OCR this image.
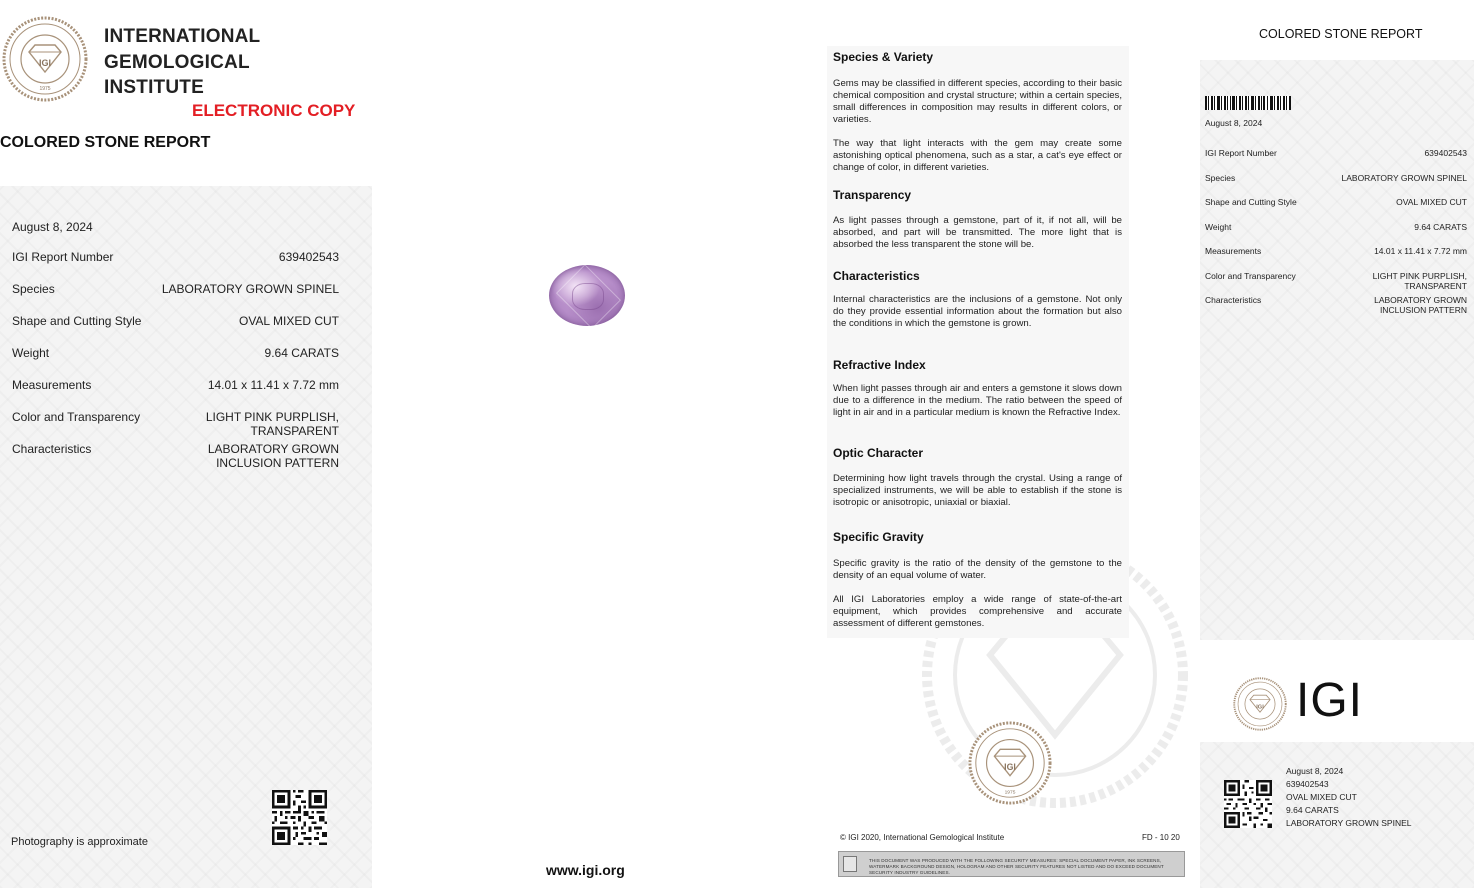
IGI
1975
INTERNATIONAL
GEMOLOGICAL
INSTITUTE
ELECTRONIC COPY
COLORED STONE REPORT
August 8, 2024
IGI Report Number	639402543
Species	LABORATORY GROWN SPINEL
Shape and Cutting Style	OVAL MIXED CUT
Weight	9.64 CARATS
Measurements	14.01 x 11.41 x 7.72 mm
Color and Transparency	LIGHT PINK PURPLISH,
TRANSPARENT
Characteristics	LABORATORY GROWN
INCLUSION PATTERN
Photography is approximate
www.igi.org
Species & Variety
Gems may be classified in different species, according to their basic chemical composition and crystal structure; within a certain species, small differences in composition may results in different colors, or varieties.
The way that light interacts with the gem may create some astonishing optical phenomena, such as a star, a cat's eye effect or change of color, in different varieties.
Transparency
As light passes through a gemstone, part of it, if not all, will be absorbed, and part will be transmitted. The more light that is absorbed the less transparent the stone will be.
Characteristics
Internal characteristics are the inclusions of a gemstone. Not only do they provide essential information about the formation but also the conditions in which the gemstone is grown.
Refractive Index
When light passes through air and enters a gemstone it slows down due to a difference in the medium. The ratio between the speed of light in air and in a particular medium is known the Refractive Index.
Optic Character
Determining how light travels through the crystal. Using a range of specialized instruments, we will be able to establish if the stone is isotropic or anisotropic, uniaxial or biaxial.
Specific Gravity
Specific gravity is the ratio of the density of the gemstone to the density of an equal volume of water.
All IGI Laboratories employ a wide range of state-of-the-art equipment, which provides comprehensive and accurate assessment of different gemstones.
IGI
1975
© IGI 2020, International Gemological Institute	FD - 10 20
THIS DOCUMENT WAS PRODUCED WITH THE FOLLOWING SECURITY MEASURES: SPECIAL DOCUMENT PAPER, INK SCREENS, WATERMARK BACKGROUND DESIGN, HOLOGRAM AND OTHER SECURITY FEATURES NOT LISTED AND DO EXCEED DOCUMENT SECURITY INDUSTRY GUIDELINES.
COLORED STONE REPORT
August 8, 2024
IGI Report Number	639402543
Species	LABORATORY GROWN SPINEL
Shape and Cutting Style	OVAL MIXED CUT
Weight	9.64 CARATS
Measurements	14.01 x 11.41 x 7.72 mm
Color and Transparency	LIGHT PINK PURPLISH,
TRANSPARENT
Characteristics	LABORATORY GROWN
INCLUSION PATTERN
IGI IGI
August 8, 2024
639402543
OVAL MIXED CUT
9.64 CARATS
LABORATORY GROWN SPINEL
